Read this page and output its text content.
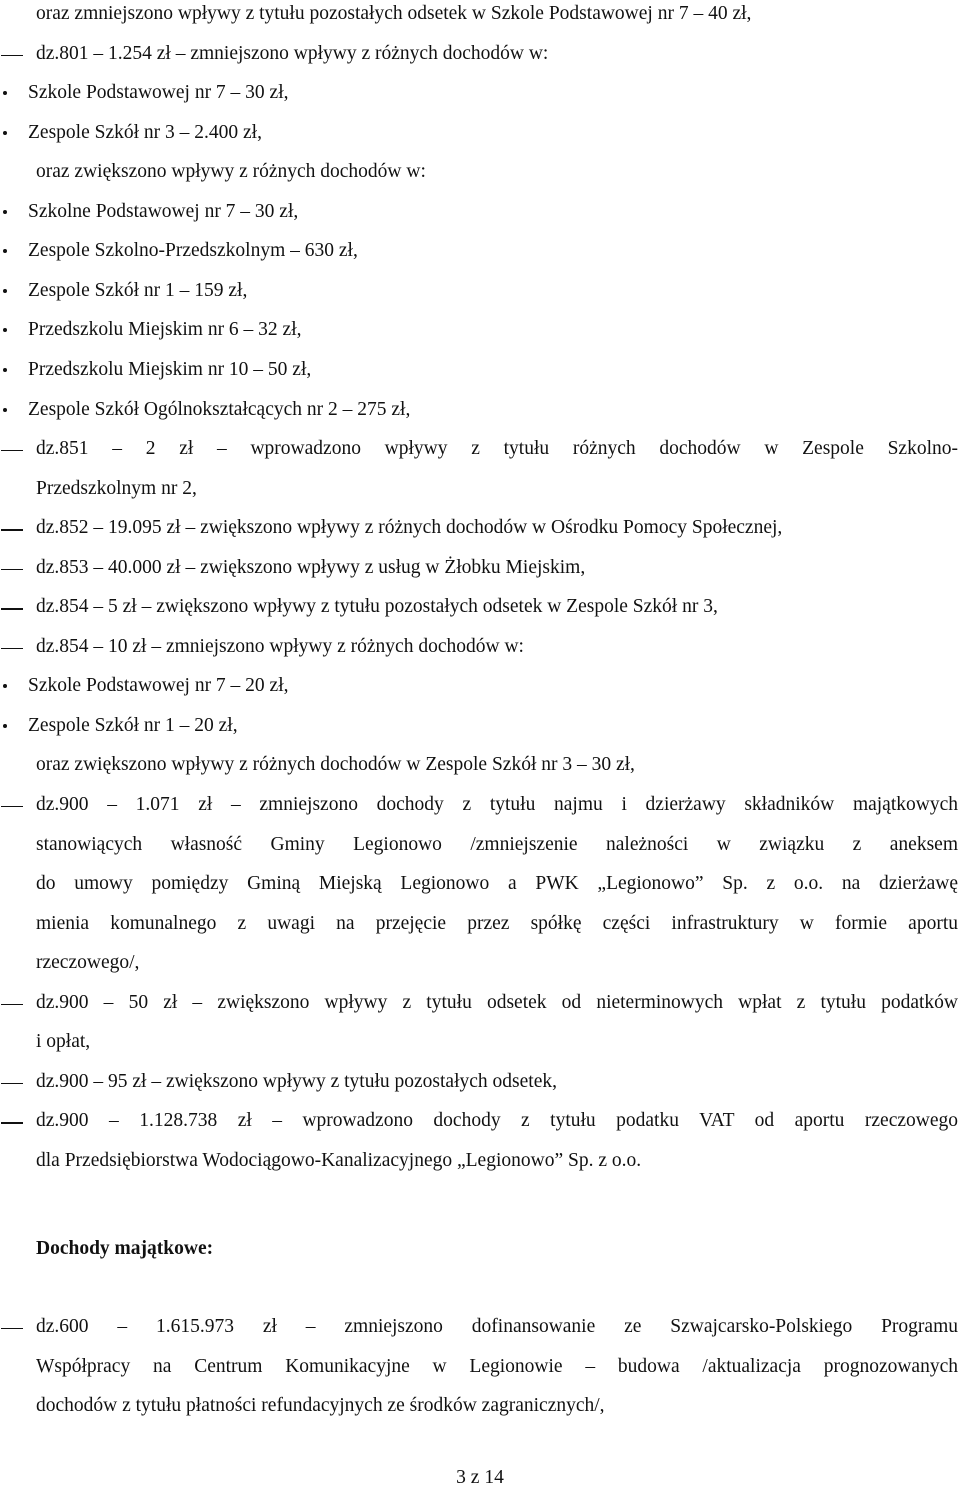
oraz zmniejszono wpływy z tytułu pozostałych odsetek w Szkole Podstawowej nr 7 – 40 zł,
dz.801 – 1.254 zł – zmniejszono wpływy z różnych dochodów w:
Szkole Podstawowej nr 7 – 30 zł,
Zespole Szkół nr 3 – 2.400 zł,
oraz zwiększono wpływy z różnych dochodów w:
Szkolne Podstawowej nr 7 – 30 zł,
Zespole Szkolno-Przedszkolnym – 630 zł,
Zespole Szkół nr 1 – 159 zł,
Przedszkolu Miejskim nr 6 – 32 zł,
Przedszkolu Miejskim nr 10 – 50 zł,
Zespole Szkół Ogólnokształcących nr 2 – 275 zł,
dz.851 – 2 zł – wprowadzono wpływy z tytułu różnych dochodów w Zespole Szkolno-
Przedszkolnym nr 2,
dz.852 – 19.095 zł – zwiększono wpływy z różnych dochodów w Ośrodku Pomocy Społecznej,
dz.853 – 40.000 zł – zwiększono wpływy z usług w Żłobku Miejskim,
dz.854 – 5 zł – zwiększono wpływy z tytułu pozostałych odsetek w Zespole Szkół nr 3,
dz.854 – 10 zł – zmniejszono wpływy z różnych dochodów w:
Szkole Podstawowej nr 7 – 20 zł,
Zespole Szkół nr 1 – 20 zł,
oraz zwiększono wpływy z różnych dochodów w Zespole Szkół nr 3 – 30 zł,
dz.900 – 1.071 zł – zmniejszono dochody z tytułu najmu i dzierżawy składników majątkowych
stanowiących własność Gminy Legionowo /zmniejszenie należności w związku z aneksem
do umowy pomiędzy Gminą Miejską Legionowo a PWK „Legionowo” Sp. z o.o. na dzierżawę
mienia komunalnego z uwagi na przejęcie przez spółkę części infrastruktury w formie aportu
rzeczowego/,
dz.900 – 50 zł – zwiększono wpływy z tytułu odsetek od nieterminowych wpłat z tytułu podatków
i opłat,
dz.900 – 95 zł – zwiększono wpływy z tytułu pozostałych odsetek,
dz.900 – 1.128.738 zł – wprowadzono dochody z tytułu podatku VAT od aportu rzeczowego
dla Przedsiębiorstwa Wodociągowo-Kanalizacyjnego „Legionowo” Sp. z o.o.
Dochody majątkowe:
dz.600 – 1.615.973 zł – zmniejszono dofinansowanie ze Szwajcarsko-Polskiego Programu
Współpracy na Centrum Komunikacyjne w Legionowie – budowa /aktualizacja prognozowanych
dochodów z tytułu płatności refundacyjnych ze środków zagranicznych/,
3 z 14
